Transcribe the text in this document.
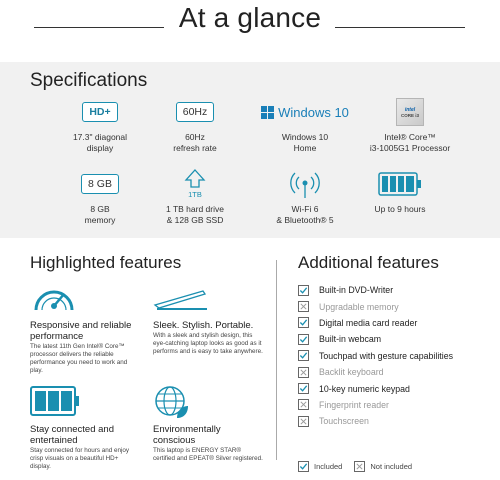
At a glance
Specifications
HD+
17.3" diagonal
display
60Hz
60Hz
refresh rate
Windows 10
Windows 10
Home
intel
CORE i3
Intel® Core™
i3-1005G1 Processor
8 GB
8 GB
memory
1TB
1 TB hard drive
& 128 GB SSD
Wi-Fi 6
& Bluetooth® 5
Up to 9 hours
Highlighted features
Responsive and reliable performance
The latest 11th Gen Intel® Core™ processor delivers the reliable performance you need to work and play.
Sleek. Stylish. Portable.
With a sleek and stylish design, this eye-catching laptop looks as good as it performs and is easy to take anywhere.
Stay connected and entertained
Stay connected for hours and enjoy crisp visuals on a beautiful HD+ display.
Environmentally conscious
This laptop is ENERGY STAR® certified and EPEAT® Silver registered.
Additional features
Built-in DVD-Writer
Upgradable memory
Digital media card reader
Built-in webcam
Touchpad with gesture capabilities
Backlit keyboard
10-key numeric keypad
Fingerprint reader
Touchscreen
Included	Not included
